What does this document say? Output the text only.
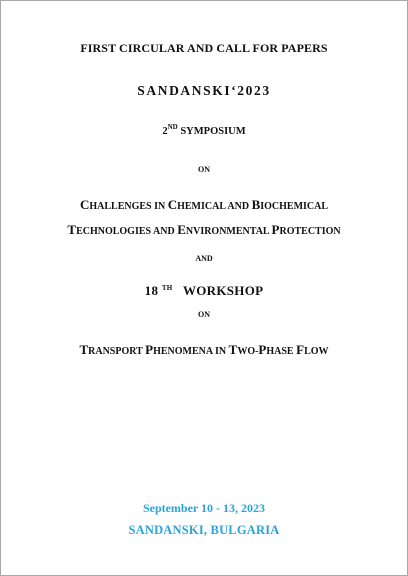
FIRST CIRCULAR AND CALL FOR PAPERS
SANDANSKI‘2023
2ND SYMPOSIUM
ON
CHALLENGES IN CHEMICAL AND BIOCHEMICAL
TECHNOLOGIES AND ENVIRONMENTAL PROTECTION
AND
18 $^{TH}$ WORKSHOP
ON
TRANSPORT PHENOMENA IN TWO-PHASE FLOW
September 10 - 13, 2023
SANDANSKI, BULGARIA
